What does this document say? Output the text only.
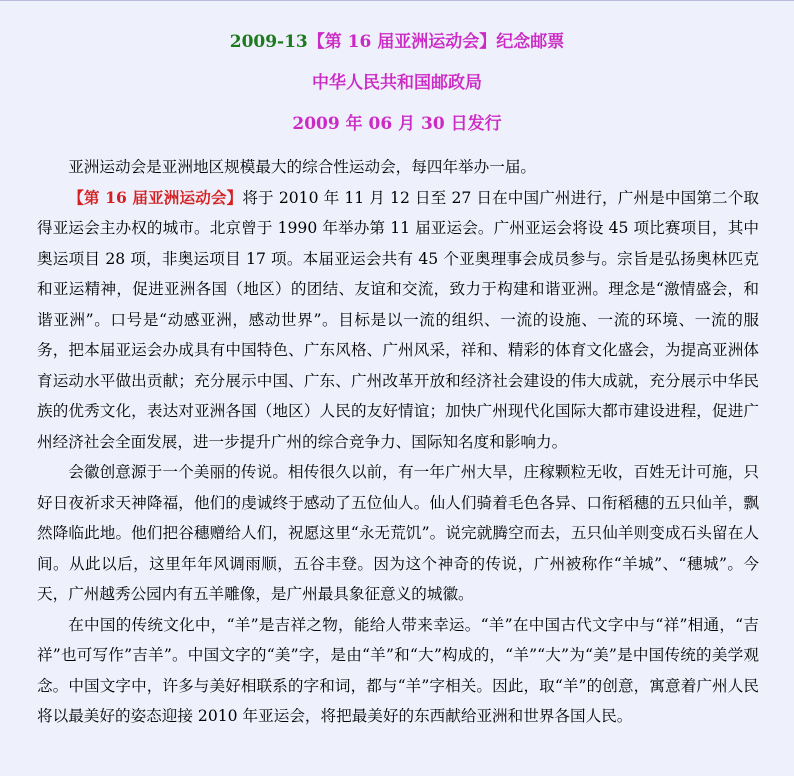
2009-13【第 16 届亚洲运动会】纪念邮票
中华人民共和国邮政局
2009 年 06 月 30 日发行

亚洲运动会是亚洲地区规模最大的综合性运动会，每四年举办一届。

【第 16 届亚洲运动会】将于 2010 年 11 月 12 日至 27 日在中国广州进行，广州是中国第二个取得亚运会主办权的城市。北京曾于 1990 年举办第 11 届亚运会。广州亚运会将设 45 项比赛项目，其中奥运项目 28 项，非奥运项目 17 项。本届亚运会共有 45 个亚奥理事会成员参与。宗旨是弘扬奥林匹克和亚运精神，促进亚洲各国（地区）的团结、友谊和交流，致力于构建和谐亚洲。理念是“激情盛会，和谐亚洲”。口号是“动感亚洲，感动世界”。目标是以一流的组织、一流的设施、一流的环境、一流的服务，把本届亚运会办成具有中国特色、广东风格、广州风采，祥和、精彩的体育文化盛会，为提高亚洲体育运动水平做出贡献；充分展示中国、广东、广州改革开放和经济社会建设的伟大成就，充分展示中华民族的优秀文化，表达对亚洲各国（地区）人民的友好情谊；加快广州现代化国际大都市建设进程，促进广州经济社会全面发展，进一步提升广州的综合竞争力、国际知名度和影响力。

会徽创意源于一个美丽的传说。相传很久以前，有一年广州大旱，庄稼颗粒无收，百姓无计可施，只好日夜祈求天神降福，他们的虔诚终于感动了五位仙人。仙人们骑着毛色各异、口衔稻穗的五只仙羊，飘然降临此地。他们把谷穗赠给人们，祝愿这里“永无荒饥”。说完就腾空而去，五只仙羊则变成石头留在人间。从此以后，这里年年风调雨顺，五谷丰登。因为这个神奇的传说，广州被称作“羊城”、“穗城”。今天，广州越秀公园内有五羊雕像，是广州最具象征意义的城徽。

在中国的传统文化中，“羊”是吉祥之物，能给人带来幸运。“羊”在中国古代文字中与“祥”相通，“吉祥”也可写作”吉羊”。中国文字的“美”字，是由“羊”和“大”构成的，“羊”“大”为“美”是中国传统的美学观念。中国文字中，许多与美好相联系的字和词，都与“羊”字相关。因此，取“羊”的创意，寓意着广州人民将以最美好的姿态迎接 2010 年亚运会，将把最美好的东西献给亚洲和世界各国人民。
